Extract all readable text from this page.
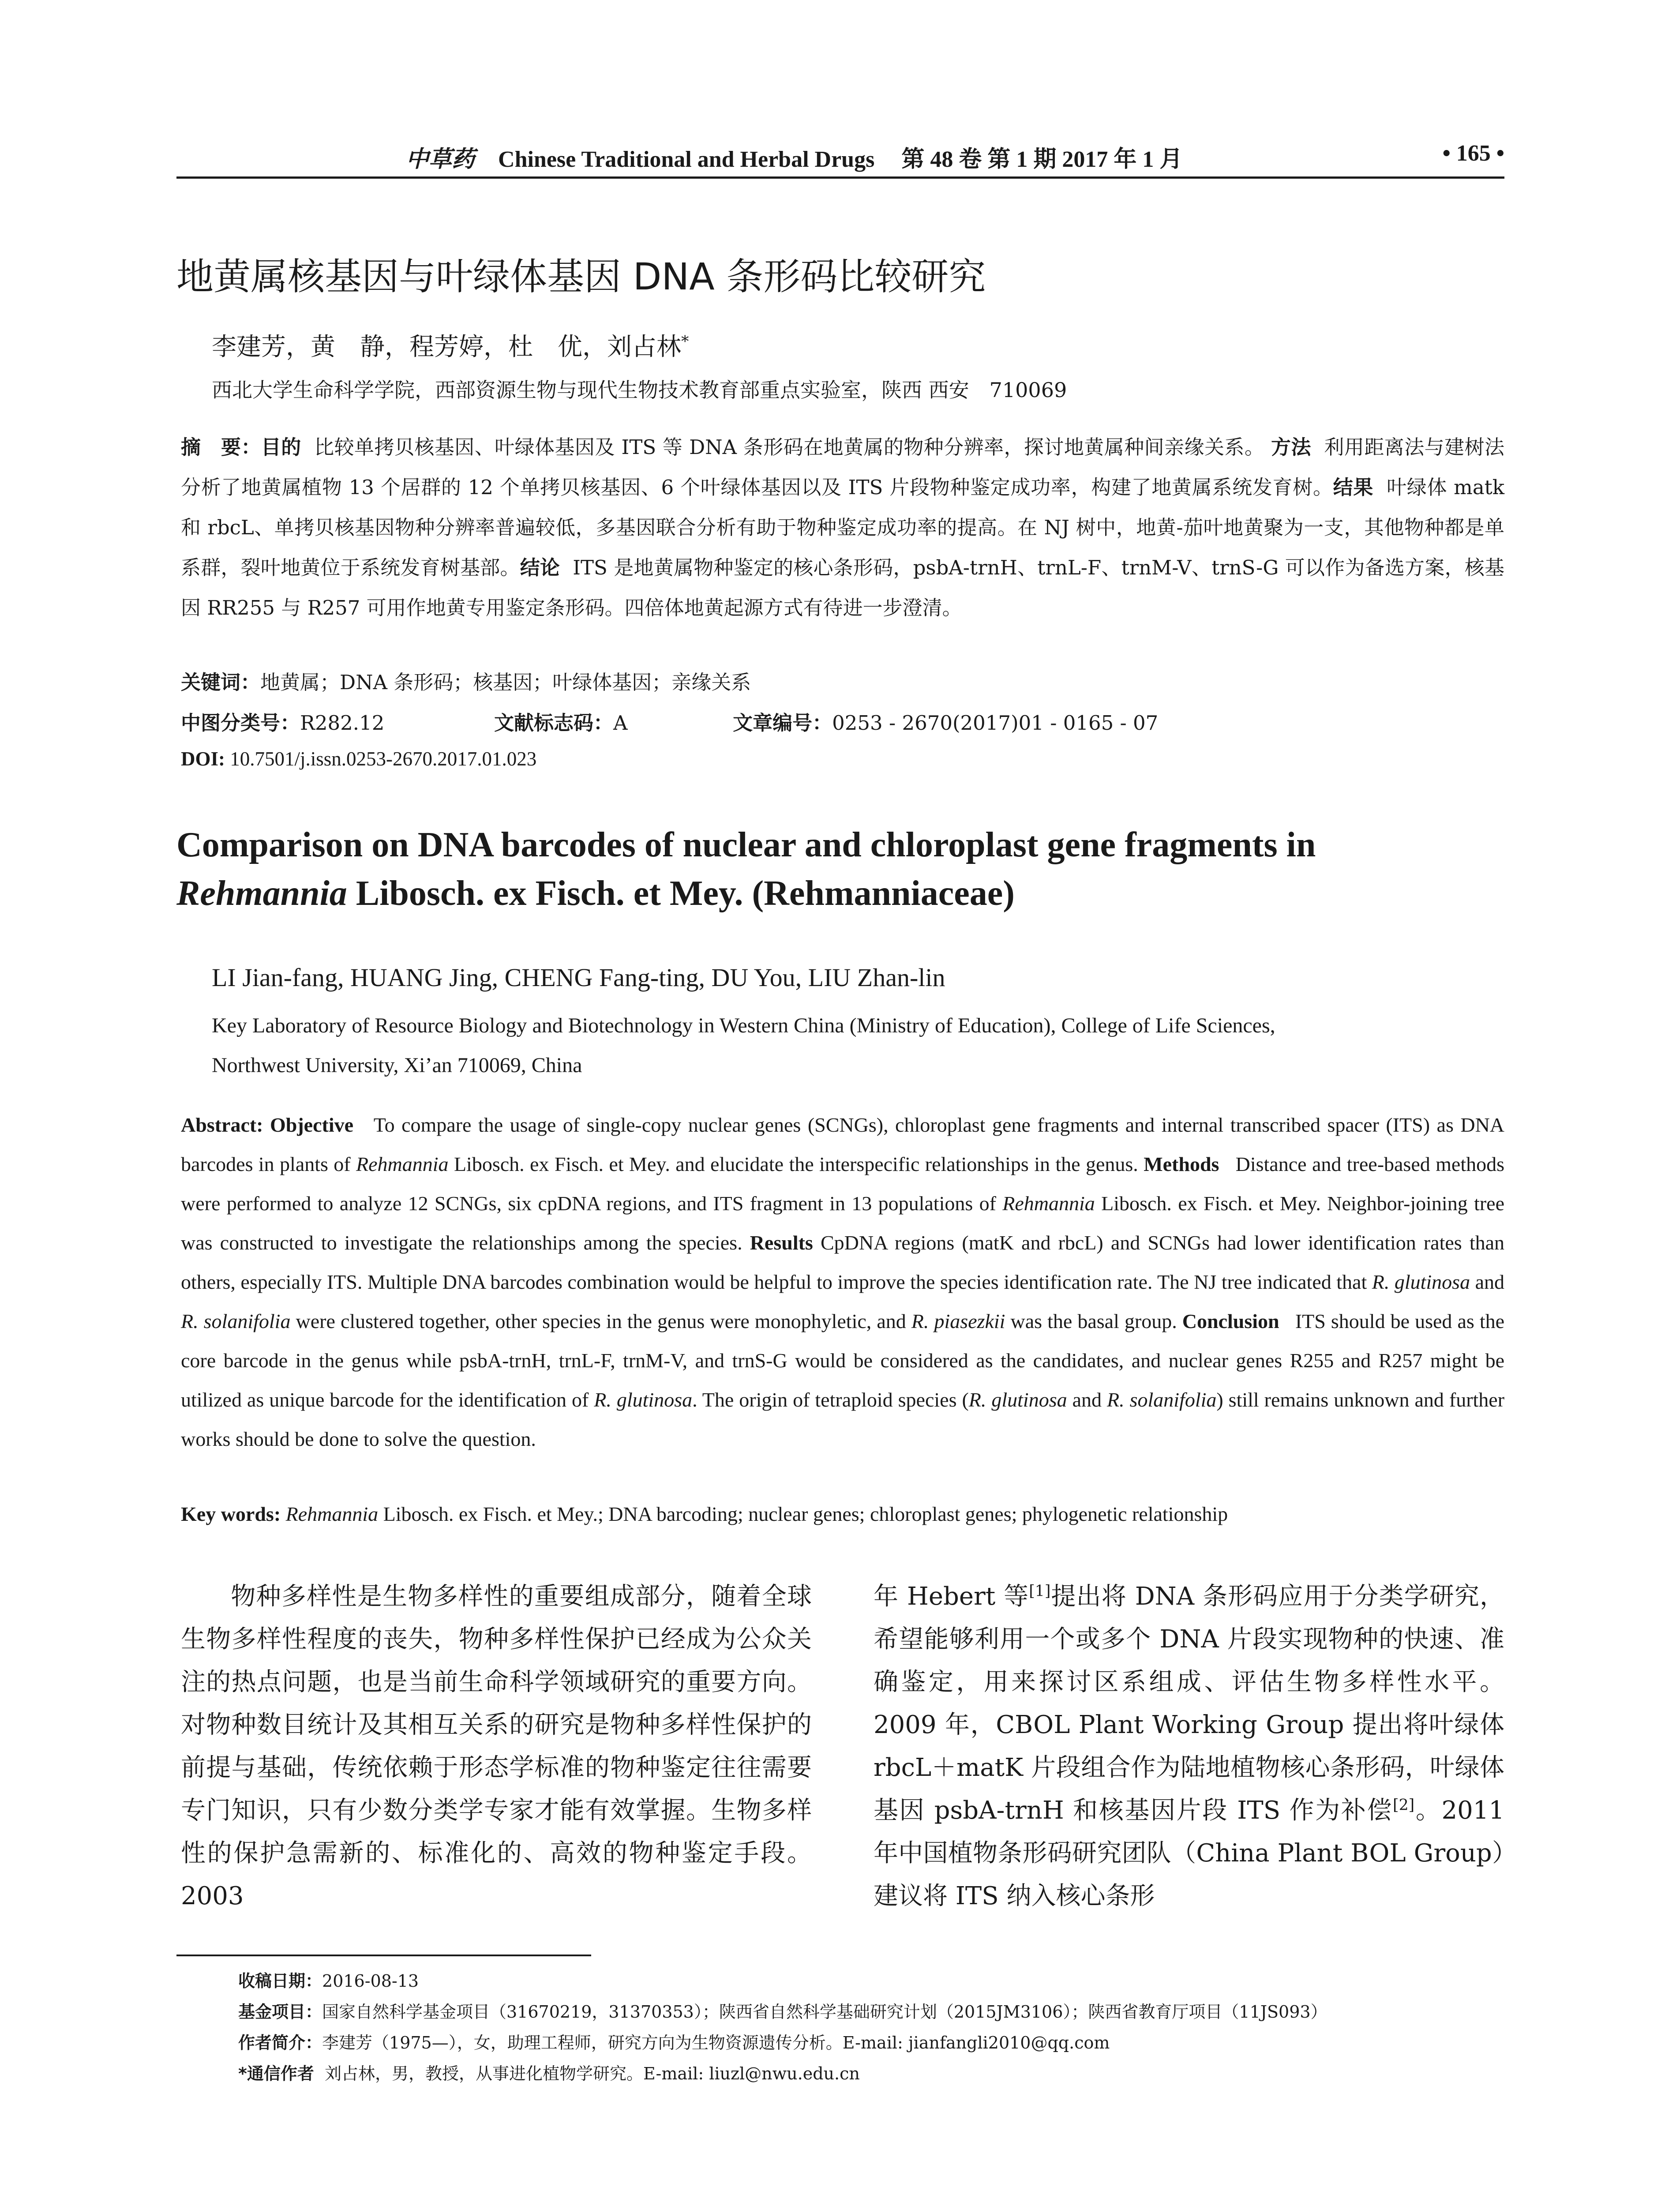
中草药 Chinese Traditional and Herbal Drugs 第 48 卷 第 1 期 2017 年 1 月	• 165 •
地黄属核基因与叶绿体基因 DNA 条形码比较研究
李建芳，黄　静，程芳婷，杜　优，刘占林*
西北大学生命科学学院，西部资源生物与现代生物技术教育部重点实验室，陕西 西安　710069
摘　要：目的 比较单拷贝核基因、叶绿体基因及 ITS 等 DNA 条形码在地黄属的物种分辨率，探讨地黄属种间亲缘关系。 方法 利用距离法与建树法分析了地黄属植物 13 个居群的 12 个单拷贝核基因、6 个叶绿体基因以及 ITS 片段物种鉴定成功率，构建了地黄属系统发育树。结果 叶绿体 matk 和 rbcL、单拷贝核基因物种分辨率普遍较低，多基因联合分析有助于物种鉴定成功率的提高。在 NJ 树中，地黄-茄叶地黄聚为一支，其他物种都是单系群，裂叶地黄位于系统发育树基部。结论 ITS 是地黄属物种鉴定的核心条形码，psbA-trnH、trnL-F、trnM-V、trnS-G 可以作为备选方案，核基因 RR255 与 R257 可用作地黄专用鉴定条形码。四倍体地黄起源方式有待进一步澄清。
关键词：地黄属；DNA 条形码；核基因；叶绿体基因；亲缘关系
中图分类号：R282.12	文献标志码：A	文章编号：0253 - 2670(2017)01 - 0165 - 07
DOI: 10.7501/j.issn.0253-2670.2017.01.023
Comparison on DNA barcodes of nuclear and chloroplast gene fragments in
Rehmannia Libosch. ex Fisch. et Mey. (Rehmanniaceae)
LI Jian-fang, HUANG Jing, CHENG Fang-ting, DU You, LIU Zhan-lin
Key Laboratory of Resource Biology and Biotechnology in Western China (Ministry of Education), College of Life Sciences,
Northwest University, Xi’an 710069, China
Abstract: Objective To compare the usage of single-copy nuclear genes (SCNGs), chloroplast gene fragments and internal transcribed spacer (ITS) as DNA barcodes in plants of Rehmannia Libosch. ex Fisch. et Mey. and elucidate the interspecific relationships in the genus. Methods Distance and tree-based methods were performed to analyze 12 SCNGs, six cpDNA regions, and ITS fragment in 13 populations of Rehmannia Libosch. ex Fisch. et Mey. Neighbor-joining tree was constructed to investigate the relationships among the species. Results CpDNA regions (matK and rbcL) and SCNGs had lower identification rates than others, especially ITS. Multiple DNA barcodes combination would be helpful to improve the species identification rate. The NJ tree indicated that R. glutinosa and R. solanifolia were clustered together, other species in the genus were monophyletic, and R. piasezkii was the basal group. Conclusion ITS should be used as the core barcode in the genus while psbA-trnH, trnL-F, trnM-V, and trnS-G would be considered as the candidates, and nuclear genes R255 and R257 might be utilized as unique barcode for the identification of R. glutinosa. The origin of tetraploid species (R. glutinosa and R. solanifolia) still remains unknown and further works should be done to solve the question.
Key words: Rehmannia Libosch. ex Fisch. et Mey.; DNA barcoding; nuclear genes; chloroplast genes; phylogenetic relationship
物种多样性是生物多样性的重要组成部分，随着全球生物多样性程度的丧失，物种多样性保护已经成为公众关注的热点问题，也是当前生命科学领域研究的重要方向。对物种数目统计及其相互关系的研究是物种多样性保护的前提与基础，传统依赖于形态学标准的物种鉴定往往需要专门知识，只有少数分类学专家才能有效掌握。生物多样性的保护急需新的、标准化的、高效的物种鉴定手段。2003
年 Hebert 等[1]提出将 DNA 条形码应用于分类学研究，希望能够利用一个或多个 DNA 片段实现物种的快速、准确鉴定，用来探讨区系组成、评估生物多样性水平。2009 年，CBOL Plant Working Group 提出将叶绿体 rbcL＋matK 片段组合作为陆地植物核心条形码，叶绿体基因 psbA-trnH 和核基因片段 ITS 作为补偿[2]。2011 年中国植物条形码研究团队（China Plant BOL Group）建议将 ITS 纳入核心条形
收稿日期：2016-08-13
基金项目：国家自然科学基金项目（31670219，31370353）；陕西省自然科学基础研究计划（2015JM3106）；陕西省教育厅项目（11JS093）
作者简介：李建芳（1975—），女，助理工程师，研究方向为生物资源遗传分析。E-mail: jianfangli2010@qq.com
*通信作者 刘占林，男，教授，从事进化植物学研究。E-mail: liuzl@nwu.edu.cn
